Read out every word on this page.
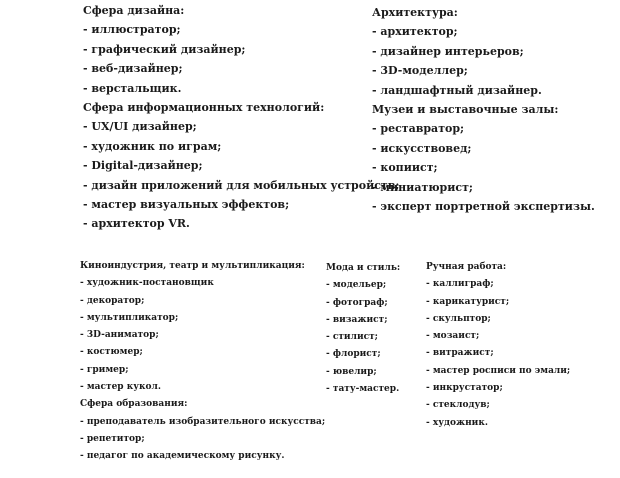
Сфера дизайна:
- иллюстратор;
- графический дизайнер;
- веб-дизайнер;
- верстальщик.
Сфера информационных технологий:
- UX/UI дизайнер;
- художник по играм;
- Digital-дизайнер;
- дизайн приложений для мобильных устройств;
- мастер визуальных эффектов;
- архитектор VR.
Архитектура:
- архитектор;
- дизайнер интерьеров;
- 3D-моделлер;
- ландшафтный дизайнер.
Музеи и выставочные залы:
- реставратор;
- искусствовед;
- копиист;
- миниатюрист;
- эксперт портретной экспертизы.
Киноиндустрия, театр и мультипликация:
- художник-постановщик
- декоратор;
- мультипликатор;
- 3D-аниматор;
- костюмер;
- гример;
- мастер кукол.
Сфера образования:
- преподаватель изобразительного искусства;
- репетитор;
- педагог по академическому рисунку.
Мода и стиль:
- модельер;
- фотограф;
- визажист;
- стилист;
- флорист;
- ювелир;
- тату-мастер.
Ручная работа:
- каллиграф;
- карикатурист;
- скульптор;
- мозаист;
- витражист;
- мастер росписи по эмали;
- инкрустатор;
- стеклодув;
- художник.
